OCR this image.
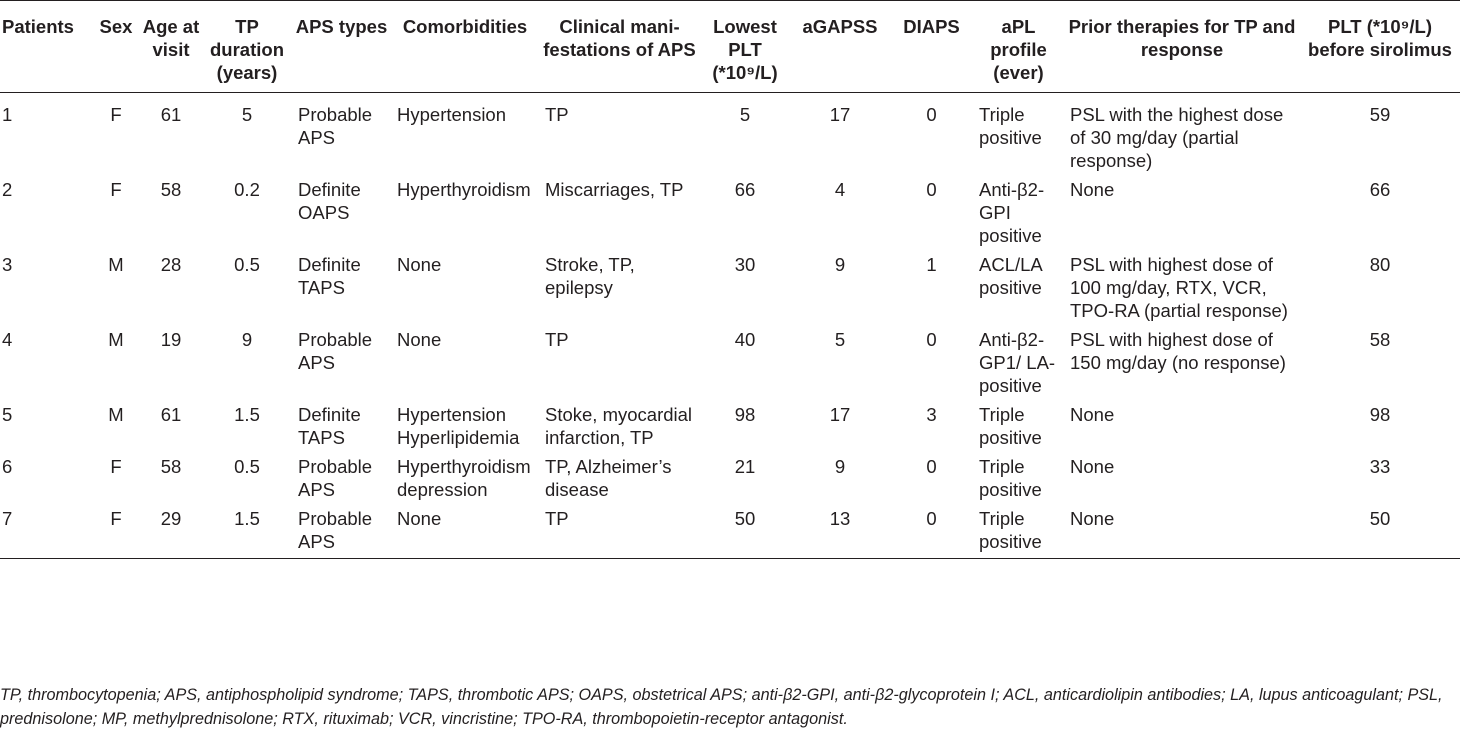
Patients	Sex	Age at visit	TP duration (years)	APS types	Comorbidities	Clinical mani-festations of APS	Lowest PLT (*10⁹/L)	aGAPSS	DIAPS	aPL profile (ever)	Prior therapies for TP and response	PLT (*10⁹/L) before sirolimus
1	F	61	5	Probable APS	Hypertension	TP	5	17	0	Triple positive	PSL with the highest dose of 30 mg/day (partial response)	59
2	F	58	0.2	Definite OAPS	Hyperthyroidism	Miscarriages, TP	66	4	0	Anti-β2-GPI positive	None	66
3	M	28	0.5	Definite TAPS	None	Stroke, TP, epilepsy	30	9	1	ACL/LA positive	PSL with highest dose of 100 mg/day, RTX, VCR, TPO-RA (partial response)	80
4	M	19	9	Probable APS	None	TP	40	5	0	Anti-β2-GP1/ LA-positive	PSL with highest dose of 150 mg/day (no response)	58
5	M	61	1.5	Definite TAPS	Hypertension Hyperlipidemia	Stoke, myocardial infarction, TP	98	17	3	Triple positive	None	98
6	F	58	0.5	Probable APS	Hyperthyroidism depression	TP, Alzheimer’s disease	21	9	0	Triple positive	None	33
7	F	29	1.5	Probable APS	None	TP	50	13	0	Triple positive	None	50
TP, thrombocytopenia; APS, antiphospholipid syndrome; TAPS, thrombotic APS; OAPS, obstetrical APS; anti-β2-GPI, anti-β2-glycoprotein I; ACL, anticardiolipin antibodies; LA, lupus anticoagulant; PSL, prednisolone; MP, methylprednisolone; RTX, rituximab; VCR, vincristine; TPO-RA, thrombopoietin-receptor antagonist.
